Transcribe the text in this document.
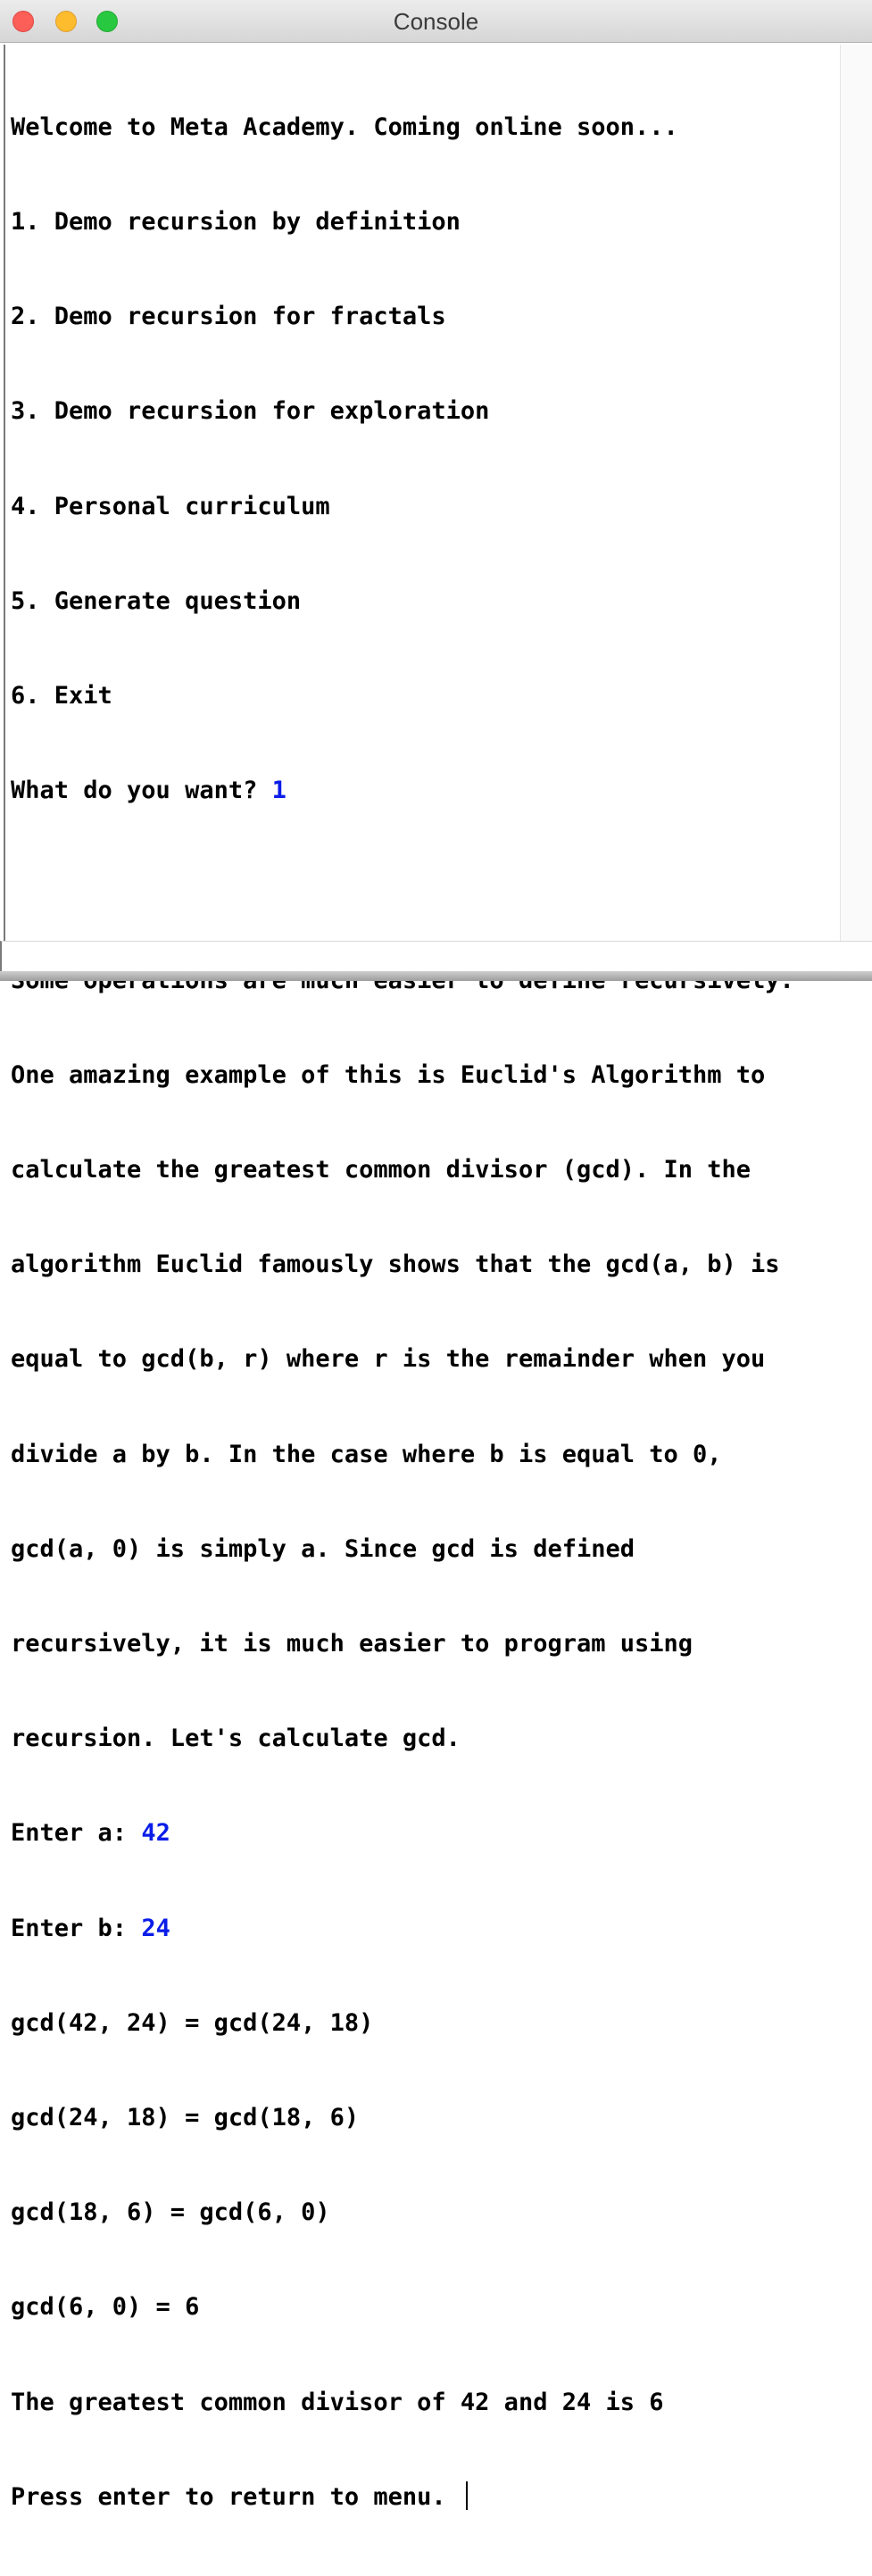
Console

Welcome to Meta Academy. Coming online soon...

1. Demo recursion by definition

2. Demo recursion for fractals

3. Demo recursion for exploration

4. Personal curriculum

5. Generate question

6. Exit

What do you want? 1

One amazing example of this is Euclid's Algorithm to

calculate the greatest common divisor (gcd). In the

algorithm Euclid famously shows that the gcd(a, b) is

equal to gcd(b, r) where r is the remainder when you

divide a by b. In the case where b is equal to 0,

gcd(a, 0) is simply a. Since gcd is defined

recursively, it is much easier to program using

recursion. Let's calculate gcd.

Enter a: 42

Enter b: 24

gcd(42, 24) = gcd(24, 18)

gcd(24, 18) = gcd(18, 6)

gcd(18, 6) = gcd(6, 0)

gcd(6, 0) = 6

The greatest common divisor of 42 and 24 is 6

Press enter to return to menu.
